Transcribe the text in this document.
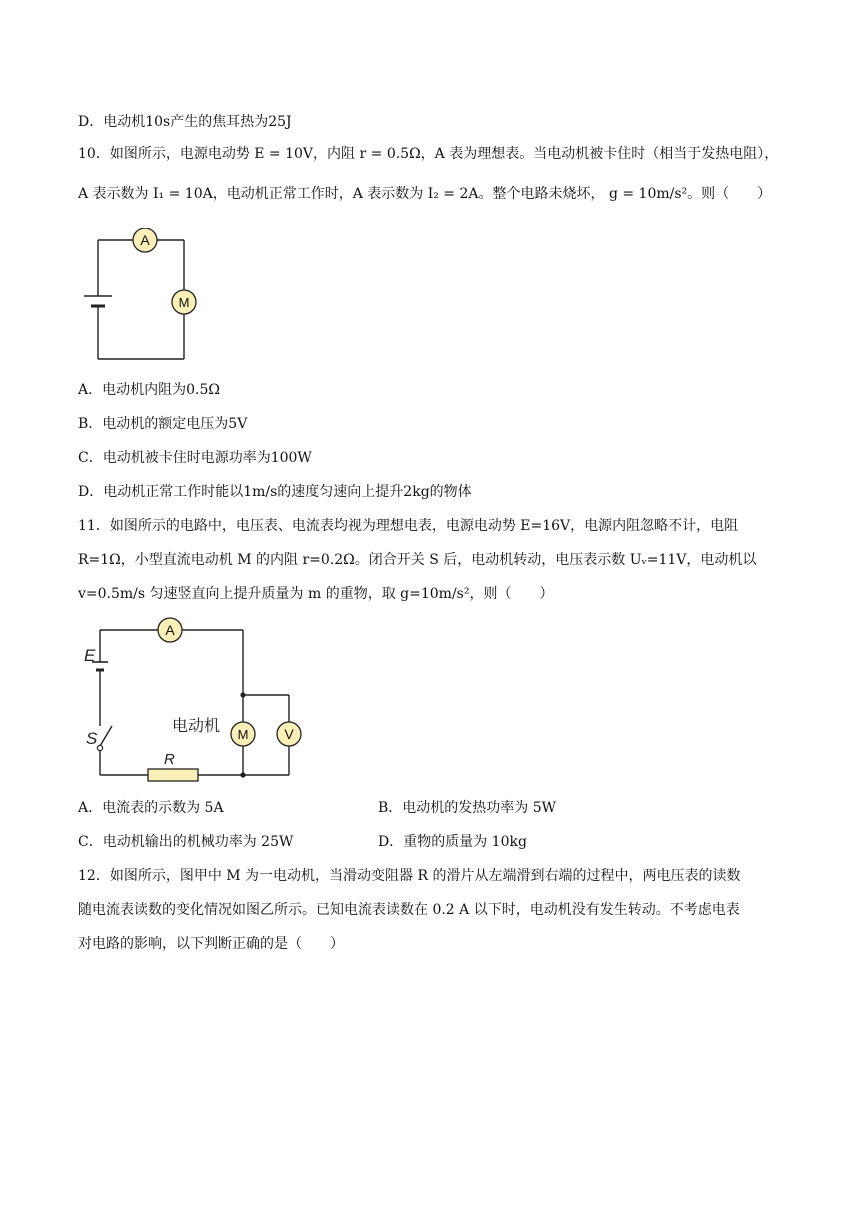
D．电动机10s产生的焦耳热为25J
10．如图所示，电源电动势 E = 10V，内阻 r = 0.5Ω，A 表为理想表。当电动机被卡住时（相当于发热电阻），
A 表示数为 I₁ = 10A，电动机正常工作时，A 表示数为 I₂ = 2A。整个电路未烧坏， g = 10m/s²。则（　　）
A
M
A．电动机内阻为0.5Ω
B．电动机的额定电压为5V
C．电动机被卡住时电源功率为100W
D．电动机正常工作时能以1m/s的速度匀速向上提升2kg的物体
11．如图所示的电路中，电压表、电流表均视为理想电表，电源电动势 E=16V，电源内阻忽略不计，电阻
R=1Ω，小型直流电动机 M 的内阻 r=0.2Ω。闭合开关 S 后，电动机转动，电压表示数 Uᵥ=11V，电动机以
v=0.5m/s 匀速竖直向上提升质量为 m 的重物，取 g=10m/s²，则（　　）
A
M	V
电动机
E
S
R
A．电流表的示数为 5A	B．电动机的发热功率为 5W
C．电动机输出的机械功率为 25W	D．重物的质量为 10kg
12．如图所示，图甲中 M 为一电动机，当滑动变阻器 R 的滑片从左端滑到右端的过程中，两电压表的读数
随电流表读数的变化情况如图乙所示。已知电流表读数在 0.2 A 以下时，电动机没有发生转动。不考虑电表
对电路的影响，以下判断正确的是（　　）
